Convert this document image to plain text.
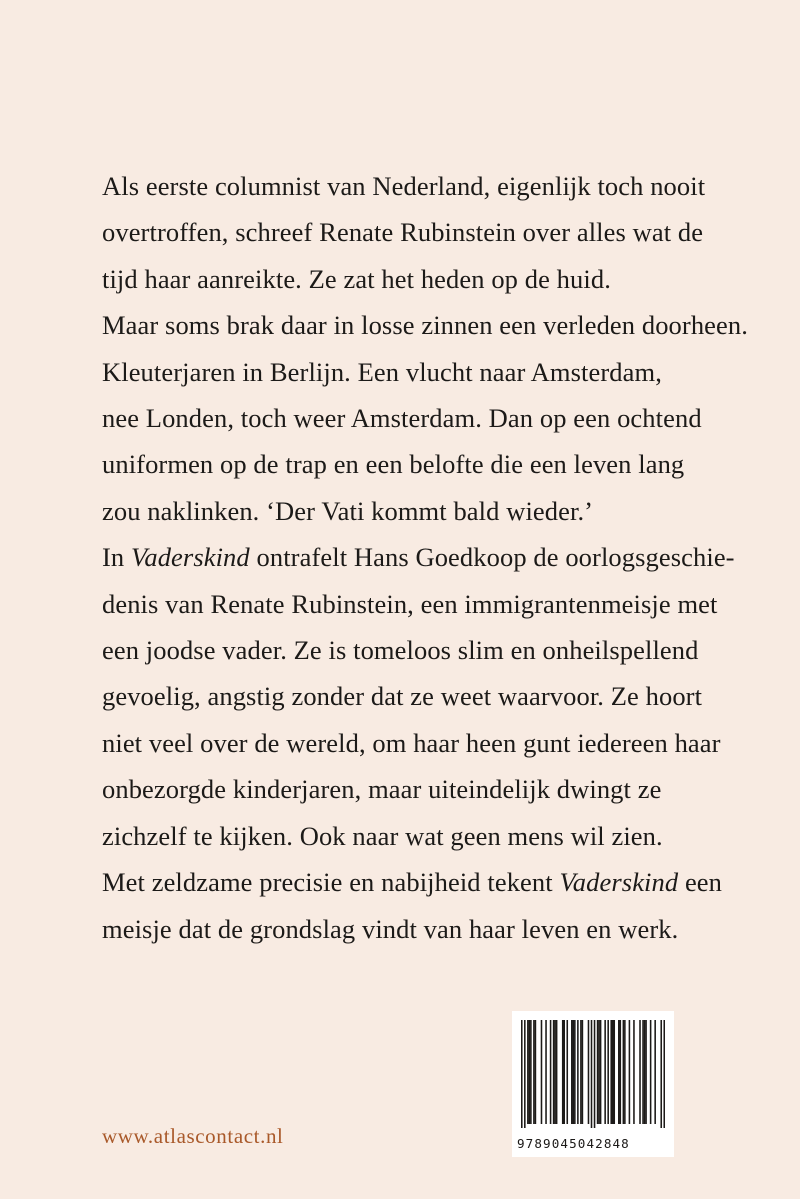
Als eerste columnist van Nederland, eigenlijk toch nooit
overtroffen, schreef Renate Rubinstein over alles wat de
tijd haar aanreikte. Ze zat het heden op de huid.
Maar soms brak daar in losse zinnen een verleden doorheen.
Kleuterjaren in Berlijn. Een vlucht naar Amsterdam,
nee Londen, toch weer Amsterdam. Dan op een ochtend
uniformen op de trap en een belofte die een leven lang
zou naklinken. ‘Der Vati kommt bald wieder.’
In Vaderskind ontrafelt Hans Goedkoop de oorlogsgeschie-
denis van Renate Rubinstein, een immigrantenmeisje met
een joodse vader. Ze is tomeloos slim en onheilspellend
gevoelig, angstig zonder dat ze weet waarvoor. Ze hoort
niet veel over de wereld, om haar heen gunt iedereen haar
onbezorgde kinderjaren, maar uiteindelijk dwingt ze
zichzelf te kijken. Ook naar wat geen mens wil zien.
Met zeldzame precisie en nabijheid tekent Vaderskind een
meisje dat de grondslag vindt van haar leven en werk.
www.atlascontact.nl	9789045042848
